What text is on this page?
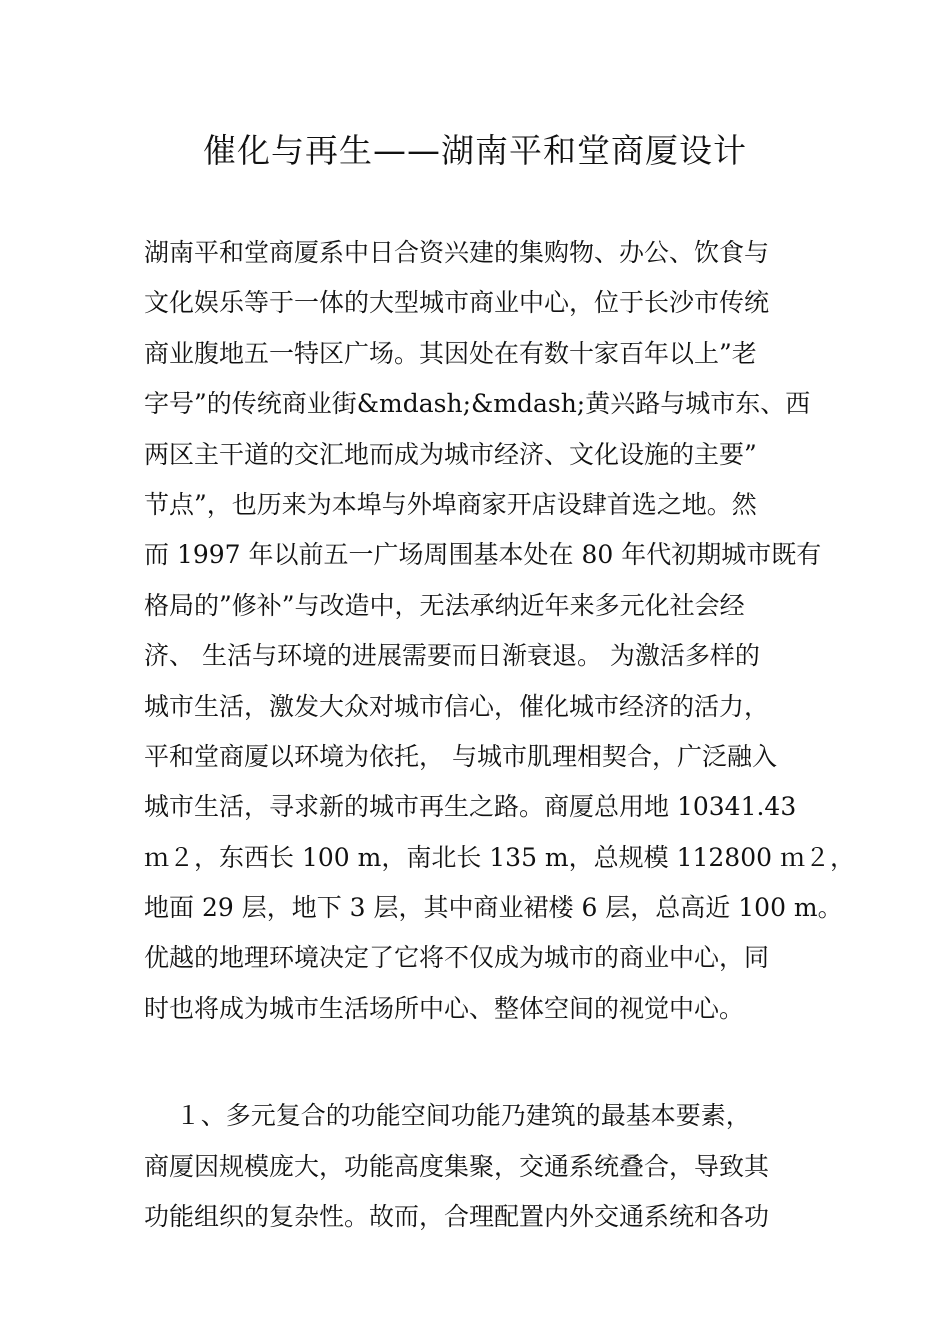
催化与再生——湖南平和堂商厦设计
湖南平和堂商厦系中日合资兴建的集购物、办公、饮食与
文化娱乐等于一体的大型城市商业中心，位于长沙市传统
商业腹地五一特区广场。其因处在有数十家百年以上”老
字号”的传统商业街&mdash;&mdash;黄兴路与城市东、西
两区主干道的交汇地而成为城市经济、文化设施的主要”
节点”，也历来为本埠与外埠商家开店设肆首选之地。然
而 1997 年以前五一广场周围基本处在 80 年代初期城市既有
格局的”修补”与改造中，无法承纳近年来多元化社会经
济、 生活与环境的进展需要而日渐衰退。 为激活多样的
城市生活，激发大众对城市信心，催化城市经济的活力，
平和堂商厦以环境为依托， 与城市肌理相契合，广泛融入
城市生活，寻求新的城市再生之路。商厦总用地 10341.43
ｍ２，东西长 100 m，南北长 135 m，总规模 112800 ｍ２，
地面 29 层，地下 3 层，其中商业裙楼 6 层，总高近 100 m。
优越的地理环境决定了它将不仅成为城市的商业中心，同
时也将成为城市生活场所中心、整体空间的视觉中心。
１、多元复合的功能空间功能乃建筑的最基本要素，
商厦因规模庞大，功能高度集聚，交通系统叠合，导致其
功能组织的复杂性。故而，合理配置内外交通系统和各功
